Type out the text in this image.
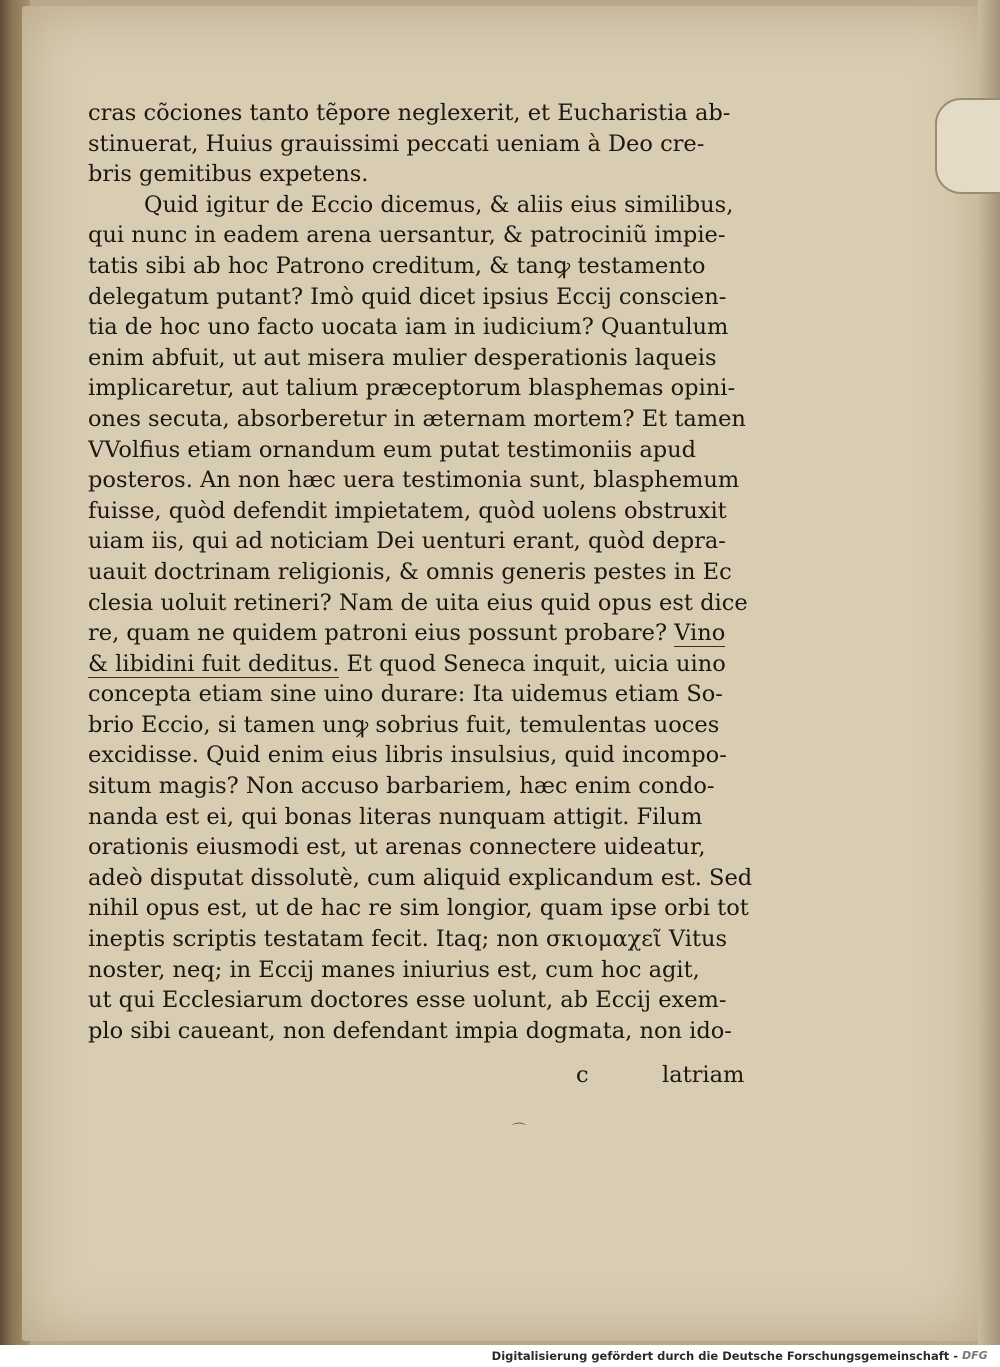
cras cõciones tanto tẽpore neglexerit, et Eucharistia ab-
stinuerat, Huius grauissimi peccati ueniam à Deo cre-
bris gemitibus expetens.
Quid igitur de Eccio dicemus, & aliis eius similibus,
qui nunc in eadem arena uersantur, & patrociniũ impie-
tatis sibi ab hoc Patrono creditum, & tanꝙ testamento
delegatum putant? Imò quid dicet ipsius Eccij conscien-
tia de hoc uno facto uocata iam in iudicium? Quantulum
enim abfuit, ut aut misera mulier desperationis laqueis
implicaretur, aut talium præceptorum blasphemas opini-
ones secuta, absorberetur in æternam mortem? Et tamen
VVolfius etiam ornandum eum putat testimoniis apud
posteros. An non hæc uera testimonia sunt, blasphemum
fuisse, quòd defendit impietatem, quòd uolens obstruxit
uiam iis, qui ad noticiam Dei uenturi erant, quòd depra-
uauit doctrinam religionis, & omnis generis pestes in Ec
clesia uoluit retineri? Nam de uita eius quid opus est dice
re, quam ne quidem patroni eius possunt probare? Vino
& libidini fuit deditus. Et quod Seneca inquit, uicia uino
concepta etiam sine uino durare: Ita uidemus etiam So-
brio Eccio, si tamen unꝙ sobrius fuit, temulentas uoces
excidisse. Quid enim eius libris insulsius, quid incompo-
situm magis? Non accuso barbariem, hæc enim condo-
nanda est ei, qui bonas literas nunquam attigit. Filum
orationis eiusmodi est, ut arenas connectere uideatur,
adeò disputat dissolutè, cum aliquid explicandum est. Sed
nihil opus est, ut de hac re sim longior, quam ipse orbi tot
ineptis scriptis testatam fecit. Itaq; non σκιομαχεῖ Vitus
noster, neq; in Eccij manes iniurius est, cum hoc agit,
ut qui Ecclesiarum doctores esse uolunt, ab Eccij exem-
plo sibi caueant, non defendant impia dogmata, non ido-
c	latriam
⌒
Digitalisierung gefördert durch die Deutsche Forschungsgemeinschaft - DFG
